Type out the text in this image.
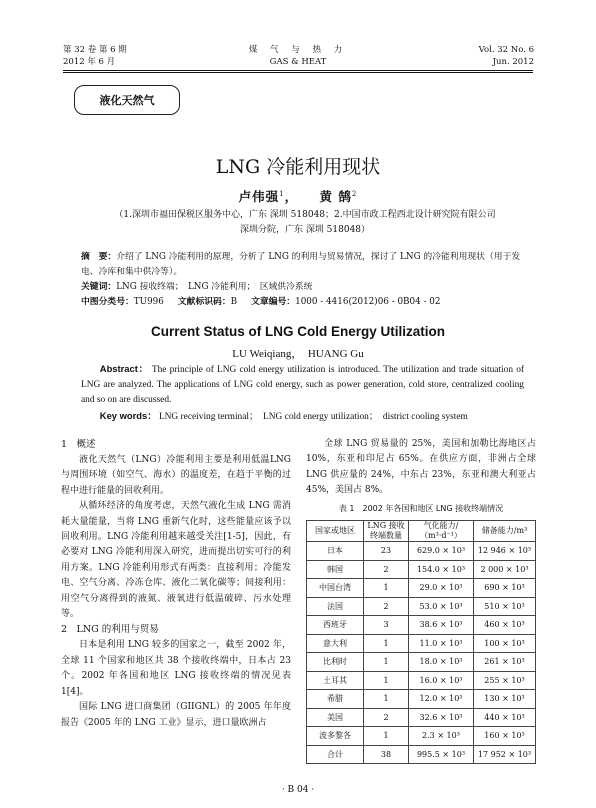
第 32 卷 第 6 期
2012 年 6 月
煤 气 与 热 力
GAS & HEAT
Vol. 32 No. 6
Jun. 2012
液化天然气
LNG 冷能利用现状
卢伟强$^1$，    黄 鹄$^2$
（1.深圳市福田保税区服务中心，广东 深圳 518048；2.中国市政工程西北设计研究院有限公司
深圳分院，广东 深圳 518048）
摘　要：介绍了 LNG 冷能利用的原理，分析了 LNG 的利用与贸易情况，探讨了 LNG 的冷能利用现状（用于发电、冷库和集中供冷等）。
关键词：LNG 接收终端；　LNG 冷能利用；　区域供冷系统
中图分类号：TU996 文献标识码：B 文章编号：1000 - 4416(2012)06 - 0B04 - 02
Current Status of LNG Cold Energy Utilization
LU Weiqiang，　HUANG Gu
Abstract： The principle of LNG cold energy utilization is introduced. The utilization and trade situation of LNG are analyzed. The applications of LNG cold energy, such as power generation, cold store, centralized cooling and so on are discussed.
Key words： LNG receiving terminal；　LNG cold energy utilization；　district cooling system
1　概述

液化天然气（LNG）冷能利用主要是利用低温LNG 与周围环境（如空气、海水）的温度差，在趋于平衡的过程中进行能量的回收利用。

从循环经济的角度考虑，天然气液化生成 LNG 需消耗大量能量，当将 LNG 重新气化时，这些能量应该予以回收利用。LNG 冷能利用越来越受关注[1-5]，因此，有必要对 LNG 冷能利用深入研究，进而提出切实可行的利用方案。LNG 冷能利用形式有两类：直接利用；冷能发电、空气分离、冷冻仓库、液化二氧化碳等；间接利用：用空气分离得到的液氮、液氧进行低温破碎、污水处理等。

2　LNG 的利用与贸易

日本是利用 LNG 较多的国家之一，截至 2002 年，全球 11 个国家和地区共 38 个接收终端中，日本占 23 个。2002 年各国和地区 LNG 接收终端的情况见表 1[4]。

国际 LNG 进口商集团（GIIGNL）的 2005 年年度报告《2005 年的 LNG 工业》显示，进口量欧洲占

全球 LNG 贸易量的 25%，美国和加勒比海地区占 10%，东亚和印尼占 65%。在供应方面，非洲占全球 LNG 供应量的 24%，中东占 23%，东亚和澳大利亚占 45%，美国占 8%。

表 1　2002 年各国和地区 LNG 接收终端情况
国家或地区	LNG 接收终端数量	气化能力/（m³·d⁻¹）	储备能力/m³
日本	23	629.0 × 10³	12 946 × 10³
韩国	2	154.0 × 10³	2 000 × 10³
中国台湾	1	29.0 × 10³	690 × 10³
法国	2	53.0 × 10³	510 × 10³
西班牙	3	38.6 × 10³	460 × 10³
意大利	1	11.0 × 10³	100 × 10³
比利时	1	18.0 × 10³	261 × 10³
土耳其	1	16.0 × 10³	255 × 10³
希腊	1	12.0 × 10³	130 × 10³
美国	2	32.6 × 10³	440 × 10³
波多黎各	1	2.3 × 10³	160 × 10³
合计	38	995.5 × 10³	17 952 × 10³
· B 04 ·
